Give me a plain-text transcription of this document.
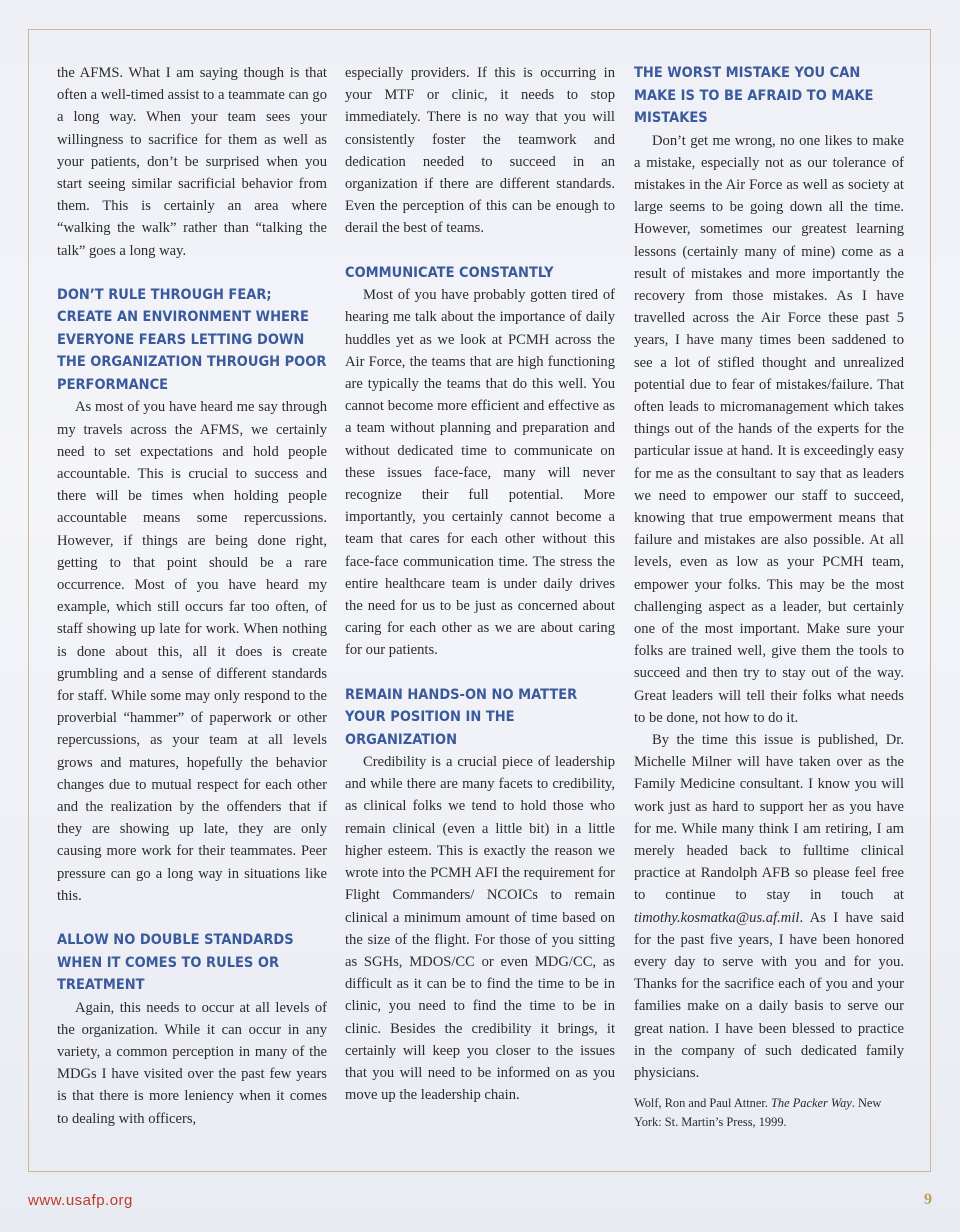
the AFMS. What I am saying though is that often a well-timed assist to a teammate can go a long way. When your team sees your willingness to sacrifice for them as well as your patients, don’t be surprised when you start seeing similar sacrificial behavior from them. This is certainly an area where “walking the walk” rather than “talking the talk” goes a long way.

DON’T RULE THROUGH FEAR; CREATE AN ENVIRONMENT WHERE EVERYONE FEARS LETTING DOWN THE ORGANIZATION THROUGH POOR PERFORMANCE

As most of you have heard me say through my travels across the AFMS, we certainly need to set expectations and hold people accountable. This is crucial to success and there will be times when holding people accountable means some repercussions. However, if things are being done right, getting to that point should be a rare occurrence. Most of you have heard my example, which still occurs far too often, of staff showing up late for work. When nothing is done about this, all it does is create grumbling and a sense of different standards for staff. While some may only respond to the proverbial “hammer” of paperwork or other repercussions, as your team at all levels grows and matures, hopefully the behavior changes due to mutual respect for each other and the realization by the offenders that if they are showing up late, they are only causing more work for their teammates. Peer pressure can go a long way in situations like this.

ALLOW NO DOUBLE STANDARDS WHEN IT COMES TO RULES OR TREATMENT

Again, this needs to occur at all levels of the organization. While it can occur in any variety, a common perception in many of the MDGs I have visited over the past few years is that there is more leniency when it comes to dealing with officers,

especially providers. If this is occurring in your MTF or clinic, it needs to stop immediately. There is no way that you will consistently foster the teamwork and dedication needed to succeed in an organization if there are different standards. Even the perception of this can be enough to derail the best of teams.

COMMUNICATE CONSTANTLY

Most of you have probably gotten tired of hearing me talk about the importance of daily huddles yet as we look at PCMH across the Air Force, the teams that are high functioning are typically the teams that do this well. You cannot become more efficient and effective as a team without planning and preparation and without dedicated time to communicate on these issues face-face, many will never recognize their full potential. More importantly, you certainly cannot become a team that cares for each other without this face-face communication time. The stress the entire healthcare team is under daily drives the need for us to be just as concerned about caring for each other as we are about caring for our patients.

REMAIN HANDS-ON NO MATTER YOUR POSITION IN THE ORGANIZATION

Credibility is a crucial piece of leadership and while there are many facets to credibility, as clinical folks we tend to hold those who remain clinical (even a little bit) in a little higher esteem. This is exactly the reason we wrote into the PCMH AFI the requirement for Flight Commanders/ NCOICs to remain clinical a minimum amount of time based on the size of the flight. For those of you sitting as SGHs, MDOS/CC or even MDG/CC, as difficult as it can be to find the time to be in clinic, you need to find the time to be in clinic. Besides the credibility it brings, it certainly will keep you closer to the issues that you will need to be informed on as you move up the leadership chain.

THE WORST MISTAKE YOU CAN MAKE IS TO BE AFRAID TO MAKE MISTAKES

Don’t get me wrong, no one likes to make a mistake, especially not as our tolerance of mistakes in the Air Force as well as society at large seems to be going down all the time. However, sometimes our greatest learning lessons (certainly many of mine) come as a result of mistakes and more importantly the recovery from those mistakes. As I have travelled across the Air Force these past 5 years, I have many times been saddened to see a lot of stifled thought and unrealized potential due to fear of mistakes/failure. That often leads to micromanagement which takes things out of the hands of the experts for the particular issue at hand. It is exceedingly easy for me as the consultant to say that as leaders we need to empower our staff to succeed, knowing that true empowerment means that failure and mistakes are also possible. At all levels, even as low as your PCMH team, empower your folks. This may be the most challenging aspect as a leader, but certainly one of the most important. Make sure your folks are trained well, give them the tools to succeed and then try to stay out of the way. Great leaders will tell their folks what needs to be done, not how to do it.

By the time this issue is published, Dr. Michelle Milner will have taken over as the Family Medicine consultant. I know you will work just as hard to support her as you have for me. While many think I am retiring, I am merely headed back to fulltime clinical practice at Randolph AFB so please feel free to continue to stay in touch at timothy.kosmatka@us.af.mil. As I have said for the past five years, I have been honored every day to serve with you and for you. Thanks for the sacrifice each of you and your families make on a daily basis to serve our great nation. I have been blessed to practice in the company of such dedicated family physicians.

Wolf, Ron and Paul Attner. The Packer Way. New York: St. Martin’s Press, 1999.

www.usafp.org	9
